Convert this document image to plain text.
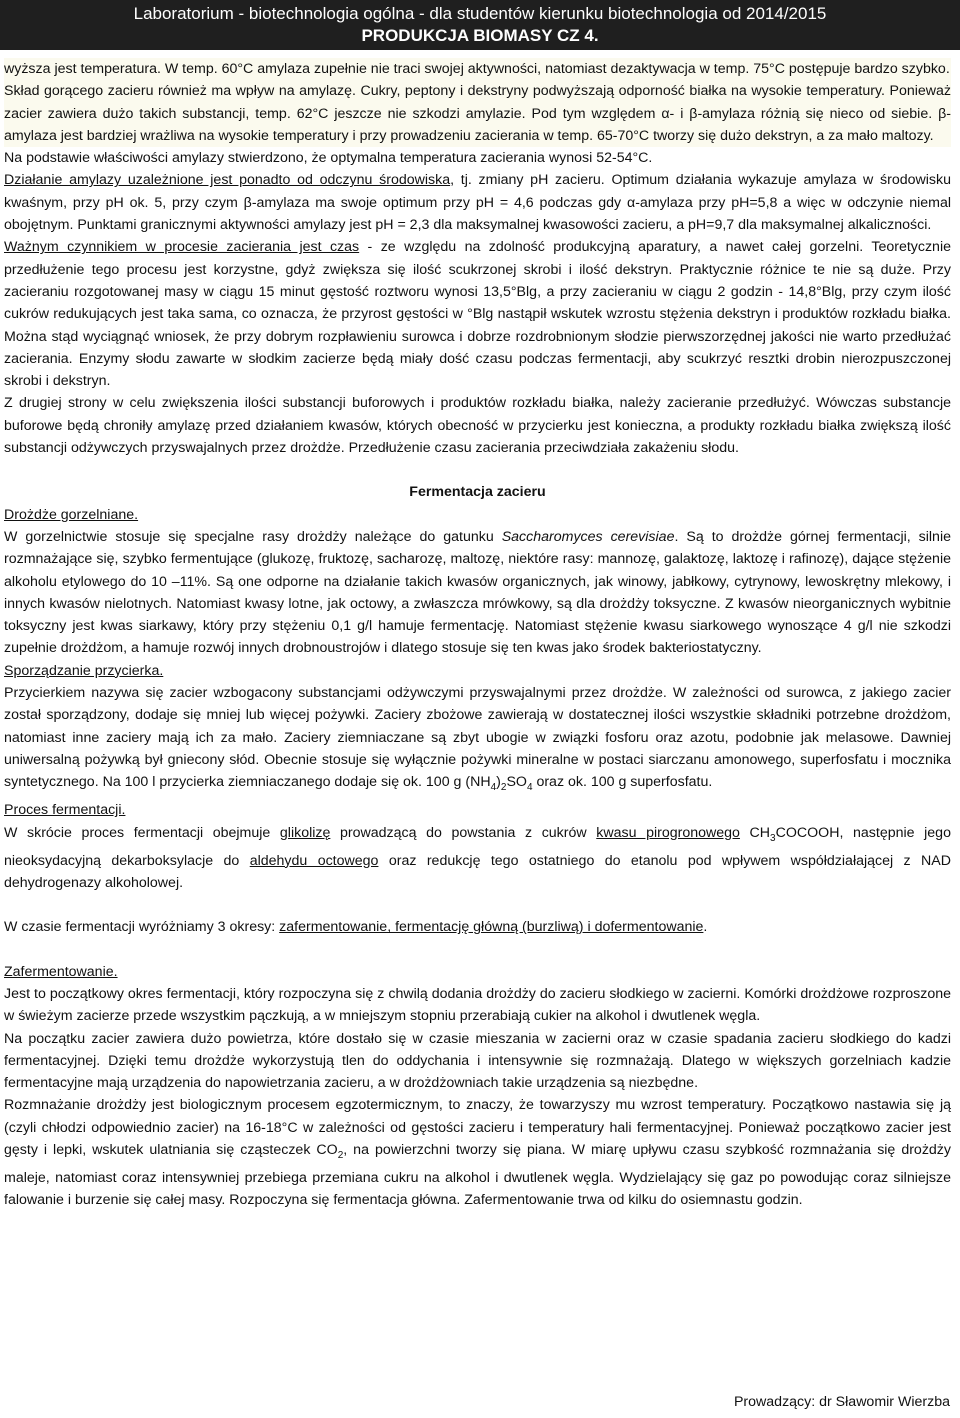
Laboratorium - biotechnologia ogólna - dla studentów kierunku biotechnologia od 2014/2015
PRODUKCJA BIOMASY CZ 4.

wyższa jest temperatura. W temp. 60°C amylaza zupełnie nie traci swojej aktywności, natomiast dezaktywacja w temp. 75°C postępuje bardzo szybko.

Skład gorącego zacieru również ma wpływ na amylazę. Cukry, peptony i dekstryny podwyższają odporność białka na wysokie temperatury. Ponieważ zacier zawiera dużo takich substancji, temp. 62°C jeszcze nie szkodzi amylazie. Pod tym względem α- i β-amylaza różnią się nieco od siebie. β-amylaza jest bardziej wrażliwa na wysokie temperatury i przy prowadzeniu zacierania w temp. 65-70°C tworzy się dużo dekstryn, a za mało maltozy.

Na podstawie właściwości amylazy stwierdzono, że optymalna temperatura zacierania wynosi 52-54°C.

Działanie amylazy uzależnione jest ponadto od odczynu środowiska, tj. zmiany pH zacieru. Optimum działania wykazuje amylaza w środowisku kwaśnym, przy pH ok. 5, przy czym β-amylaza ma swoje optimum przy pH = 4,6 podczas gdy α-amylaza przy pH=5,8 a więc w odczynie niemal obojętnym. Punktami granicznymi aktywności amylazy jest pH = 2,3 dla maksymalnej kwasowości zacieru, a pH=9,7 dla maksymalnej alkaliczności.

Ważnym czynnikiem w procesie zacierania jest czas - ze względu na zdolność produkcyjną aparatury, a nawet całej gorzelni. Teoretycznie przedłużenie tego procesu jest korzystne, gdyż zwiększa się ilość scukrzonej skrobi i ilość dekstryn. Praktycznie różnice te nie są duże. Przy zacieraniu rozgotowanej masy w ciągu 15 minut gęstość roztworu wynosi 13,5°Blg, a przy zacieraniu w ciągu 2 godzin - 14,8°Blg, przy czym ilość cukrów redukujących jest taka sama, co oznacza, że przyrost gęstości w °Blg nastąpił wskutek wzrostu stężenia dekstryn i produktów rozkładu białka. Można stąd wyciągnąć wniosek, że przy dobrym rozpławieniu surowca i dobrze rozdrobnionym słodzie pierwszorzędnej jakości nie warto przedłużać zacierania. Enzymy słodu zawarte w słodkim zacierze będą miały dość czasu podczas fermentacji, aby scukrzyć resztki drobin nierozpuszczonej skrobi i dekstryn.

Z drugiej strony w celu zwiększenia ilości substancji buforowych i produktów rozkładu białka, należy zacieranie przedłużyć. Wówczas substancje buforowe będą chroniły amylazę przed działaniem kwasów, których obecność w przycierku jest konieczna, a produkty rozkładu białka zwiększą ilość substancji odżywczych przyswajalnych przez drożdże. Przedłużenie czasu zacierania przeciwdziała zakażeniu słodu.

Fermentacja zacieru

Drożdże gorzelniane.

W gorzelnictwie stosuje się specjalne rasy drożdży należące do gatunku Saccharomyces cerevisiae. Są to drożdże górnej fermentacji, silnie rozmnażające się, szybko fermentujące (glukozę, fruktozę, sacharozę, maltozę, niektóre rasy: mannozę, galaktozę, laktozę i rafinozę), dające stężenie alkoholu etylowego do 10 –11%. Są one odporne na działanie takich kwasów organicznych, jak winowy, jabłkowy, cytrynowy, lewoskrętny mlekowy, i innych kwasów nielotnych. Natomiast kwasy lotne, jak octowy, a zwłaszcza mrówkowy, są dla drożdży toksyczne. Z kwasów nieorganicznych wybitnie toksyczny jest kwas siarkawy, który przy stężeniu 0,1 g/l hamuje fermentację. Natomiast stężenie kwasu siarkowego wynoszące 4 g/l nie szkodzi zupełnie drożdżom, a hamuje rozwój innych drobnoustrojów i dlatego stosuje się ten kwas jako środek bakteriostatyczny.

Sporządzanie przycierka.

Przycierkiem nazywa się zacier wzbogacony substancjami odżywczymi przyswajalnymi przez drożdże. W zależności od surowca, z jakiego zacier został sporządzony, dodaje się mniej lub więcej pożywki. Zaciery zbożowe zawierają w dostatecznej ilości wszystkie składniki potrzebne drożdżom, natomiast inne zaciery mają ich za mało. Zaciery ziemniaczane są zbyt ubogie w związki fosforu oraz azotu, podobnie jak melasowe. Dawniej uniwersalną pożywką był gniecony słód. Obecnie stosuje się wyłącznie pożywki mineralne w postaci siarczanu amonowego, superfosfatu i mocznika syntetycznego. Na 100 l przycierka ziemniaczanego dodaje się ok. 100 g $(NH_4)_2SO_4$ oraz ok. 100 g superfosfatu.

Proces fermentacji.

W skrócie proces fermentacji obejmuje glikolizę prowadzącą do powstania z cukrów kwasu pirogronowego $CH_3COCOOH$, następnie jego nieoksydacyjną dekarboksylacje do aldehydu octowego oraz redukcję tego ostatniego do etanolu pod wpływem współdziałającej z NAD dehydrogenazy alkoholowej.

W czasie fermentacji wyróżniamy 3 okresy: zafermentowanie, fermentację główną (burzliwą) i dofermentowanie.

Zafermentowanie.

Jest to początkowy okres fermentacji, który rozpoczyna się z chwilą dodania drożdży do zacieru słodkiego w zacierni. Komórki drożdżowe rozproszone w świeżym zacierze przede wszystkim pączkują, a w mniejszym stopniu przerabiają cukier na alkohol i dwutlenek węgla.

Na początku zacier zawiera dużo powietrza, które dostało się w czasie mieszania w zacierni oraz w czasie spadania zacieru słodkiego do kadzi fermentacyjnej. Dzięki temu drożdże wykorzystują tlen do oddychania i intensywnie się rozmnażają. Dlatego w większych gorzelniach kadzie fermentacyjne mają urządzenia do napowietrzania zacieru, a w drożdżowniach takie urządzenia są niezbędne.

Rozmnażanie drożdży jest biologicznym procesem egzotermicznym, to znaczy, że towarzyszy mu wzrost temperatury. Początkowo nastawia się ją (czyli chłodzi odpowiednio zacier) na 16-18°C w zależności od gęstości zacieru i temperatury hali fermentacyjnej. Ponieważ początkowo zacier jest gęsty i lepki, wskutek ulatniania się cząsteczek $CO_2$, na powierzchni tworzy się piana. W miarę upływu czasu szybkość rozmnażania się drożdży maleje, natomiast coraz intensywniej przebiega przemiana cukru na alkohol i dwutlenek węgla. Wydzielający się gaz po powodując coraz silniejsze falowanie i burzenie się całej masy. Rozpoczyna się fermentacja główna. Zafermentowanie trwa od kilku do osiemnastu godzin.

Prowadzący: dr Sławomir Wierzba
